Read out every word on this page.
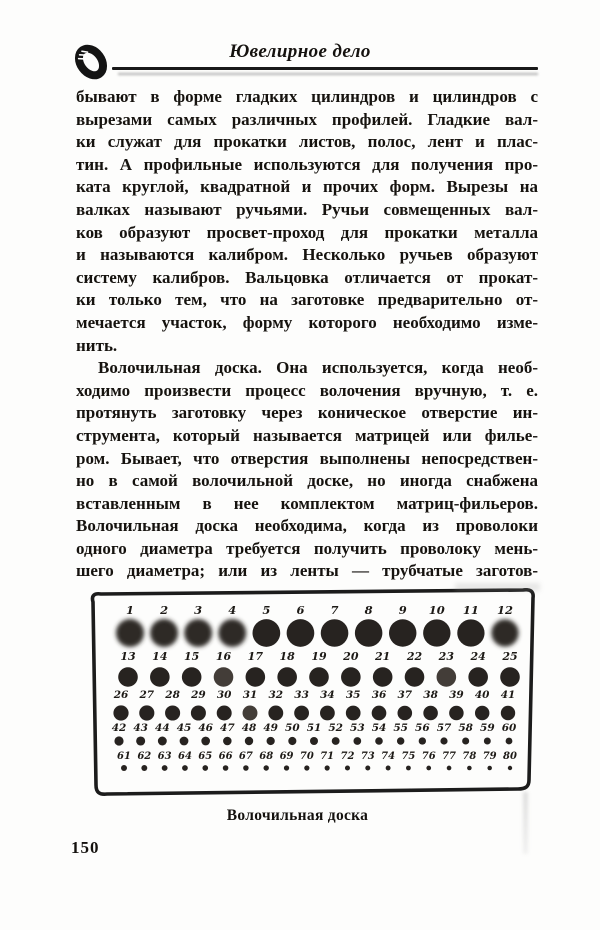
Ювелирное дело
бывают в форме гладких цилиндров и цилиндров с
вырезами самых различных профилей. Гладкие вал-
ки служат для прокатки листов, полос, лент и плас-
тин. А профильные используются для получения про-
ката круглой, квадратной и прочих форм. Вырезы на
валках называют ручьями. Ручьи совмещенных вал-
ков образуют просвет-проход для прокатки металла
и называются калибром. Несколько ручьев образуют
систему калибров. Вальцовка отличается от прокат-
ки только тем, что на заготовке предварительно от-
мечается участок, форму которого необходимо изме-
нить.
Волочильная доска. Она используется, когда необ-
ходимо произвести процесс волочения вручную, т. е.
протянуть заготовку через коническое отверстие ин-
струмента, который называется матрицей или филье-
ром. Бывает, что отверстия выполнены непосредствен-
но в самой волочильной доске, но иногда снабжена
вставленным в нее комплектом матриц-фильеров.
Волочильная доска необходима, когда из проволоки
одного диаметра требуется получить проволоку мень-
шего диаметра; или из ленты — трубчатые заготов-
1 2 3 4 5 6 7 8 9 10 11 12
13 14 15 16 17 18 19 20 21 22 23 24 25
26 27 28 29 30 31 32 33 34 35 36 37 38 39 40 41
42 43 44 45 46 47 48 49 50 51 52 53 54 55 56 57 58 59 60
61 62 63 64 65 66 67 68 69 70 71 72 73 74 75 76 77 78 79 80
Волочильная доска
150
